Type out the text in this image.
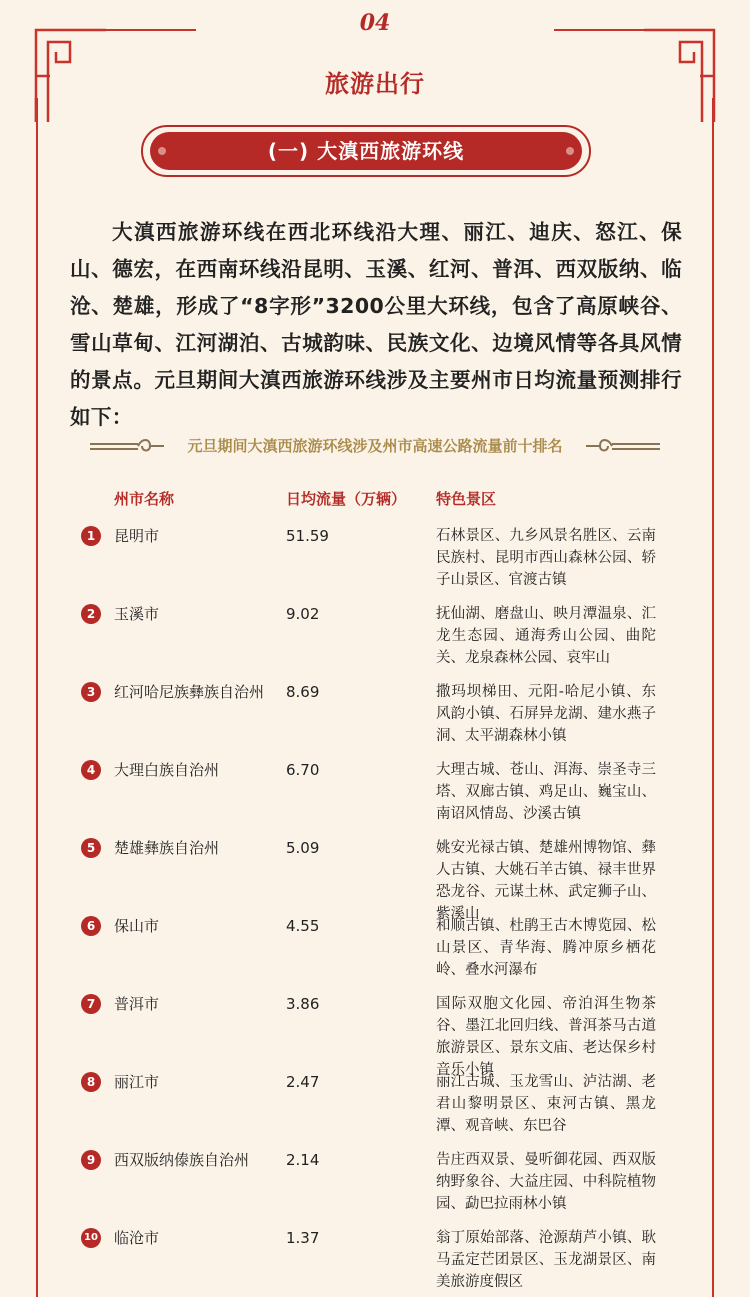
04
旅游出行
(一) 大滇西旅游环线

大滇西旅游环线在西北环线沿大理、丽江、迪庆、怒江、保山、德宏，在西南环线沿昆明、玉溪、红河、普洱、西双版纳、临沧、楚雄，形成了“8字形”3200公里大环线，包含了高原峡谷、雪山草甸、江河湖泊、古城韵味、民族文化、边境风情等各具风情的景点。元旦期间大滇西旅游环线涉及主要州市日均流量预测排行如下：

元旦期间大滇西旅游环线涉及州市高速公路流量前十排名
州市名称	日均流量（万辆） 特色景区
1	昆明市	51.59	石林景区、九乡风景名胜区、云南民族村、昆明市西山森林公园、轿子山景区、官渡古镇
2	玉溪市	9.02	抚仙湖、磨盘山、映月潭温泉、汇龙生态园、通海秀山公园、曲陀关、龙泉森林公园、哀牢山
3	红河哈尼族彝族自治州 8.69	撒玛坝梯田、元阳-哈尼小镇、东风韵小镇、石屏异龙湖、建水燕子洞、太平湖森林小镇
4	大理白族自治州	6.70	大理古城、苍山、洱海、崇圣寺三塔、双廊古镇、鸡足山、巍宝山、南诏风情岛、沙溪古镇
5	楚雄彝族自治州	5.09	姚安光禄古镇、楚雄州博物馆、彝人古镇、大姚石羊古镇、禄丰世界恐龙谷、元谋土林、武定狮子山、紫溪山
6	保山市	4.55	和顺古镇、杜鹃王古木博览园、松山景区、青华海、腾冲原乡栖花岭、叠水河瀑布
7	普洱市	3.86	国际双胞文化园、帝泊洱生物茶谷、墨江北回归线、普洱茶马古道旅游景区、景东文庙、老达保乡村音乐小镇
8	丽江市	2.47	丽江古城、玉龙雪山、泸沽湖、老君山黎明景区、束河古镇、黑龙潭、观音峡、东巴谷
9	西双版纳傣族自治州 2.14	告庄西双景、曼听御花园、西双版纳野象谷、大益庄园、中科院植物园、勐巴拉雨林小镇
10 临沧市	1.37	翁丁原始部落、沧源葫芦小镇、耿马孟定芒团景区、玉龙湖景区、南美旅游度假区
